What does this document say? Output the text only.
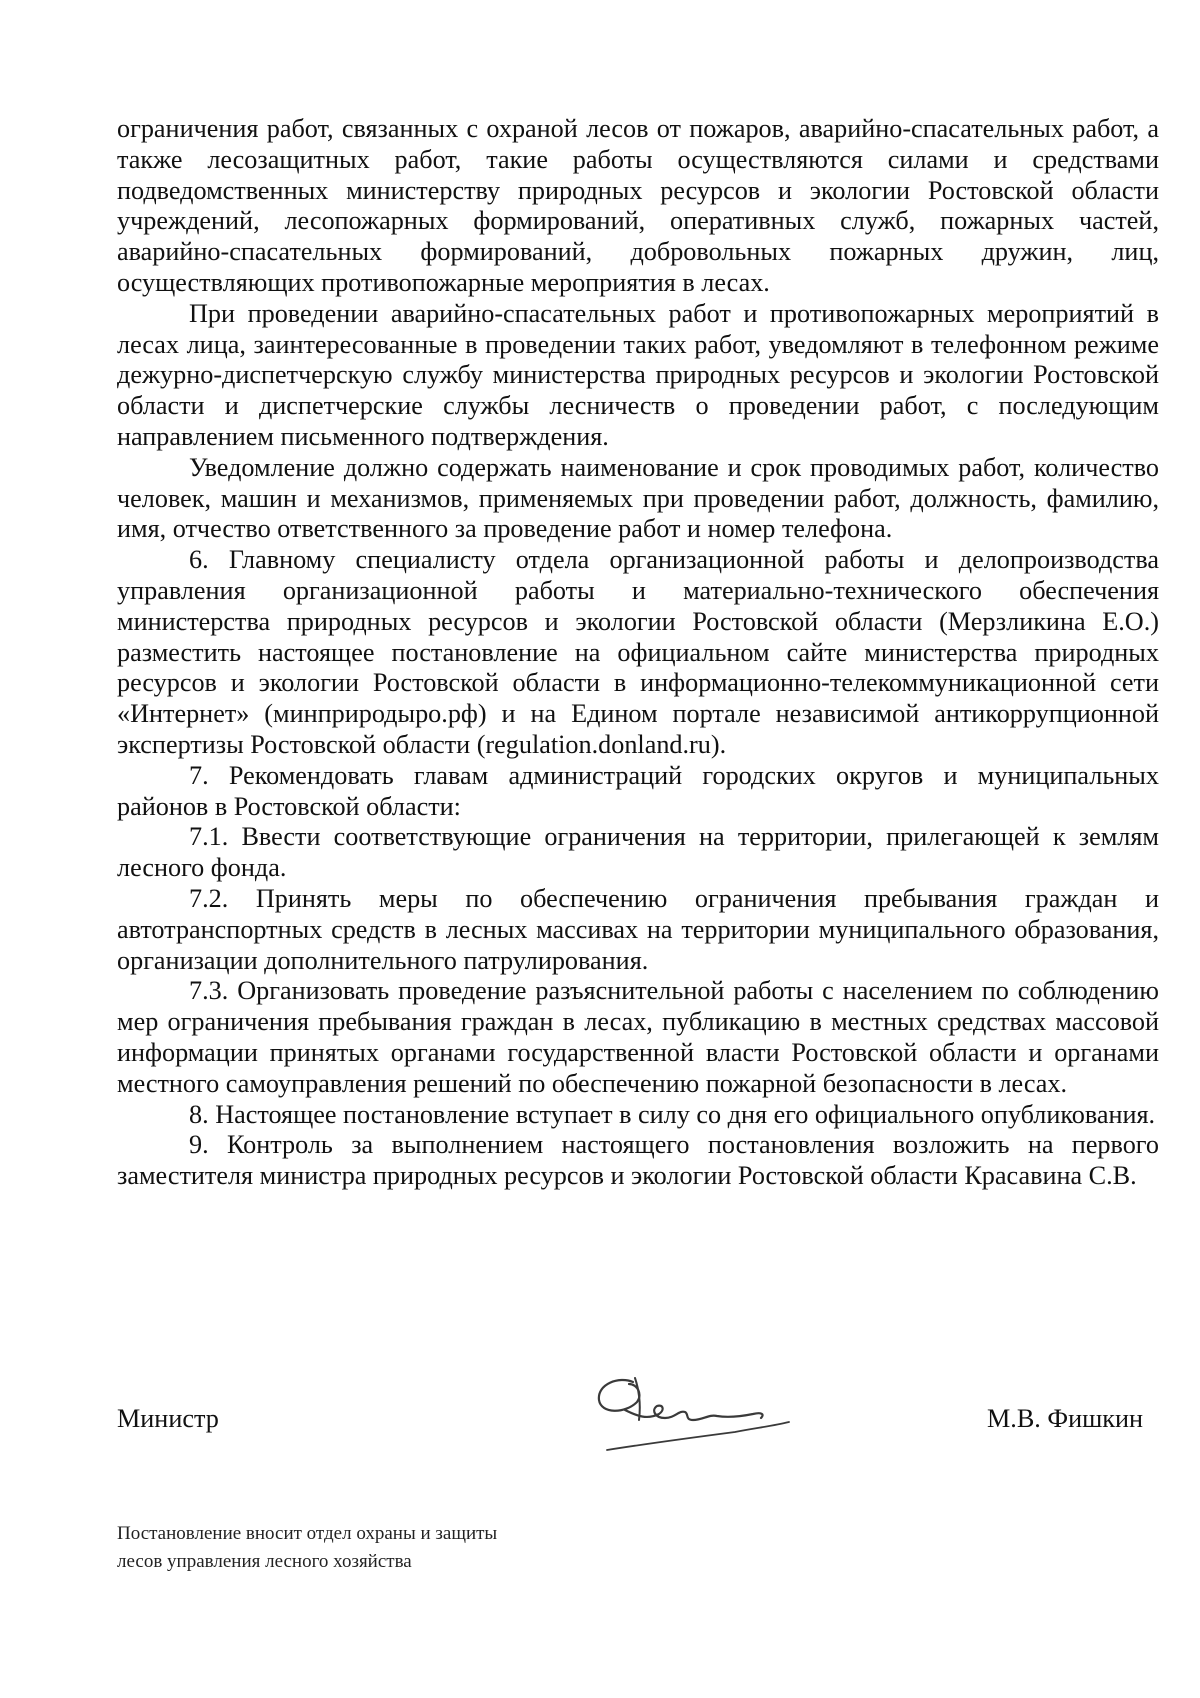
ограничения работ, связанных с охраной лесов от пожаров, аварийно-спасательных работ, а также лесозащитных работ, такие работы осуществляются силами и средствами подведомственных министерству природных ресурсов и экологии Ростовской области учреждений, лесопожарных формирований, оперативных служб, пожарных частей, аварийно-спасательных формирований, добровольных пожарных дружин, лиц, осуществляющих противопожарные мероприятия в лесах.

При проведении аварийно-спасательных работ и противопожарных мероприятий в лесах лица, заинтересованные в проведении таких работ, уведомляют в телефонном режиме дежурно-диспетчерскую службу министерства природных ресурсов и экологии Ростовской области и диспетчерские службы лесничеств о проведении работ, с последующим направлением письменного подтверждения.

Уведомление должно содержать наименование и срок проводимых работ, количество человек, машин и механизмов, применяемых при проведении работ, должность, фамилию, имя, отчество ответственного за проведение работ и номер телефона.

6. Главному специалисту отдела организационной работы и делопроизводства управления организационной работы и материально-технического обеспечения министерства природных ресурсов и экологии Ростовской области (Мерзликина Е.О.) разместить настоящее постановление на официальном сайте министерства природных ресурсов и экологии Ростовской области в информационно-телекоммуникационной сети «Интернет» (минприродыро.рф) и на Едином портале независимой антикоррупционной экспертизы Ростовской области (regulation.donland.ru).

7. Рекомендовать главам администраций городских округов и муниципальных районов в Ростовской области:

7.1. Ввести соответствующие ограничения на территории, прилегающей к землям лесного фонда.

7.2. Принять меры по обеспечению ограничения пребывания граждан и автотранспортных средств в лесных массивах на территории муниципального образования, организации дополнительного патрулирования.

7.3. Организовать проведение разъяснительной работы с населением по соблюдению мер ограничения пребывания граждан в лесах, публикацию в местных средствах массовой информации принятых органами государственной власти Ростовской области и органами местного самоуправления решений по обеспечению пожарной безопасности в лесах.

8. Настоящее постановление вступает в силу со дня его официального опубликования.

9. Контроль за выполнением настоящего постановления возложить на первого заместителя министра природных ресурсов и экологии Ростовской области Красавина С.В.

Министр	М.В. Фишкин
Постановление вносит отдел охраны и защиты
лесов управления лесного хозяйства
